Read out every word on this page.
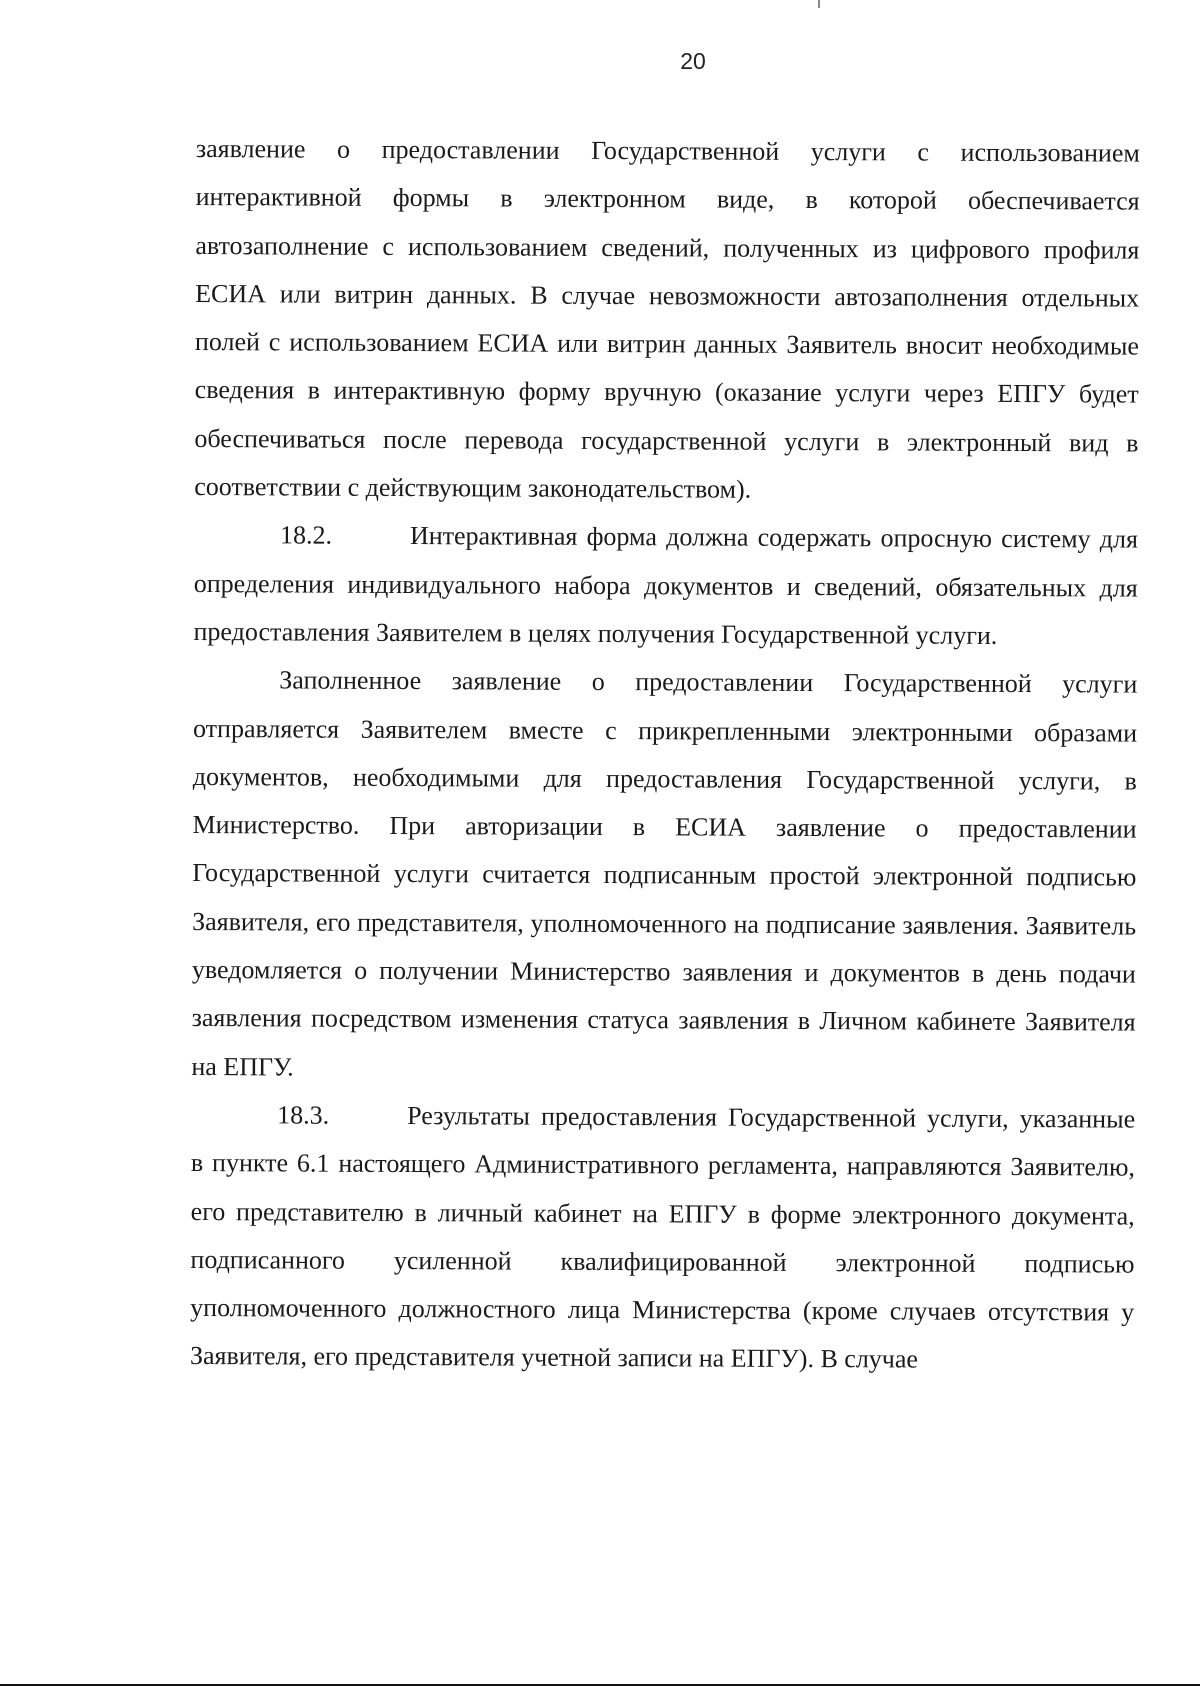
20

заявление о предоставлении Государственной услуги с использованием интерактивной формы в электронном виде, в которой обеспечивается автозаполнение с использованием сведений, полученных из цифрового профиля ЕСИА или витрин данных. В случае невозможности автозаполнения отдельных полей с использованием ЕСИА или витрин данных Заявитель вносит необходимые сведения в интерактивную форму вручную (оказание услуги через ЕПГУ будет обеспечиваться после перевода государственной услуги в электронный вид в соответствии с действующим законодательством).

18.2.	Интерактивная форма должна содержать опросную систему для определения индивидуального набора документов и сведений, обязательных для предоставления Заявителем в целях получения Государственной услуги.

Заполненное заявление о предоставлении Государственной услуги отправляется Заявителем вместе с прикрепленными электронными образами документов, необходимыми для предоставления Государственной услуги, в Министерство. При авторизации в ЕСИА заявление о предоставлении Государственной услуги считается подписанным простой электронной подписью Заявителя, его представителя, уполномоченного на подписание заявления. Заявитель уведомляется о получении Министерство заявления и документов в день подачи заявления посредством изменения статуса заявления в Личном кабинете Заявителя на ЕПГУ.

18.3.	Результаты предоставления Государственной услуги, указанные в пункте 6.1 настоящего Административного регламента, направляются Заявителю, его представителю в личный кабинет на ЕПГУ в форме электронного документа, подписанного усиленной квалифицированной электронной подписью уполномоченного должностного лица Министерства (кроме случаев отсутствия у Заявителя, его представителя учетной записи на ЕПГУ). В случае
